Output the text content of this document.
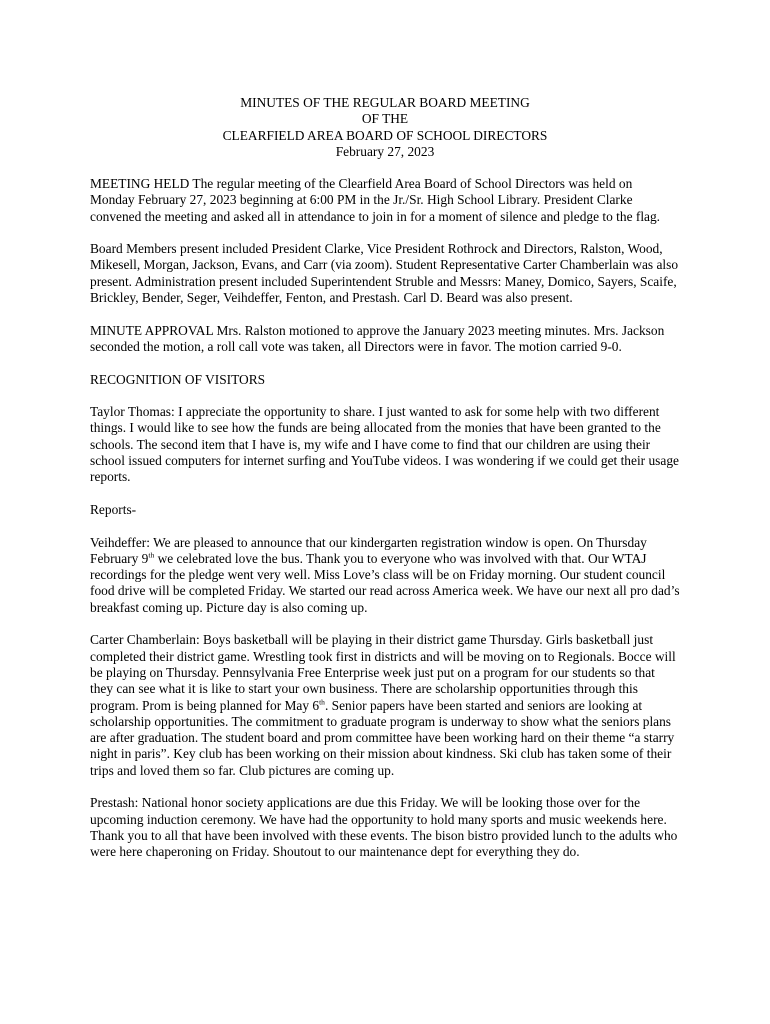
MINUTES OF THE REGULAR BOARD MEETING
OF THE
CLEARFIELD AREA BOARD OF SCHOOL DIRECTORS
February 27, 2023

MEETING HELD The regular meeting of the Clearfield Area Board of School Directors was held on Monday February 27, 2023 beginning at 6:00 PM in the Jr./Sr. High School Library. President Clarke convened the meeting and asked all in attendance to join in for a moment of silence and pledge to the flag.

Board Members present included President Clarke, Vice President Rothrock and Directors, Ralston, Wood, Mikesell, Morgan, Jackson, Evans, and Carr (via zoom). Student Representative Carter Chamberlain was also present. Administration present included Superintendent Struble and Messrs: Maney, Domico, Sayers, Scaife, Brickley, Bender, Seger, Veihdeffer, Fenton, and Prestash. Carl D. Beard was also present.

MINUTE APPROVAL Mrs. Ralston motioned to approve the January 2023 meeting minutes. Mrs. Jackson seconded the motion, a roll call vote was taken, all Directors were in favor. The motion carried 9-0.

RECOGNITION OF VISITORS

Taylor Thomas: I appreciate the opportunity to share. I just wanted to ask for some help with two different things. I would like to see how the funds are being allocated from the monies that have been granted to the schools. The second item that I have is, my wife and I have come to find that our children are using their school issued computers for internet surfing and YouTube videos. I was wondering if we could get their usage reports.

Reports-

Veihdeffer: We are pleased to announce that our kindergarten registration window is open. On Thursday February 9th we celebrated love the bus. Thank you to everyone who was involved with that. Our WTAJ recordings for the pledge went very well. Miss Love’s class will be on Friday morning. Our student council food drive will be completed Friday. We started our read across America week. We have our next all pro dad’s breakfast coming up. Picture day is also coming up.

Carter Chamberlain: Boys basketball will be playing in their district game Thursday. Girls basketball just completed their district game. Wrestling took first in districts and will be moving on to Regionals. Bocce will be playing on Thursday. Pennsylvania Free Enterprise week just put on a program for our students so that they can see what it is like to start your own business. There are scholarship opportunities through this program. Prom is being planned for May 6th. Senior papers have been started and seniors are looking at scholarship opportunities. The commitment to graduate program is underway to show what the seniors plans are after graduation. The student board and prom committee have been working hard on their theme “a starry night in paris”. Key club has been working on their mission about kindness. Ski club has taken some of their trips and loved them so far. Club pictures are coming up.

Prestash: National honor society applications are due this Friday. We will be looking those over for the upcoming induction ceremony. We have had the opportunity to hold many sports and music weekends here. Thank you to all that have been involved with these events. The bison bistro provided lunch to the adults who were here chaperoning on Friday. Shoutout to our maintenance dept for everything they do.
